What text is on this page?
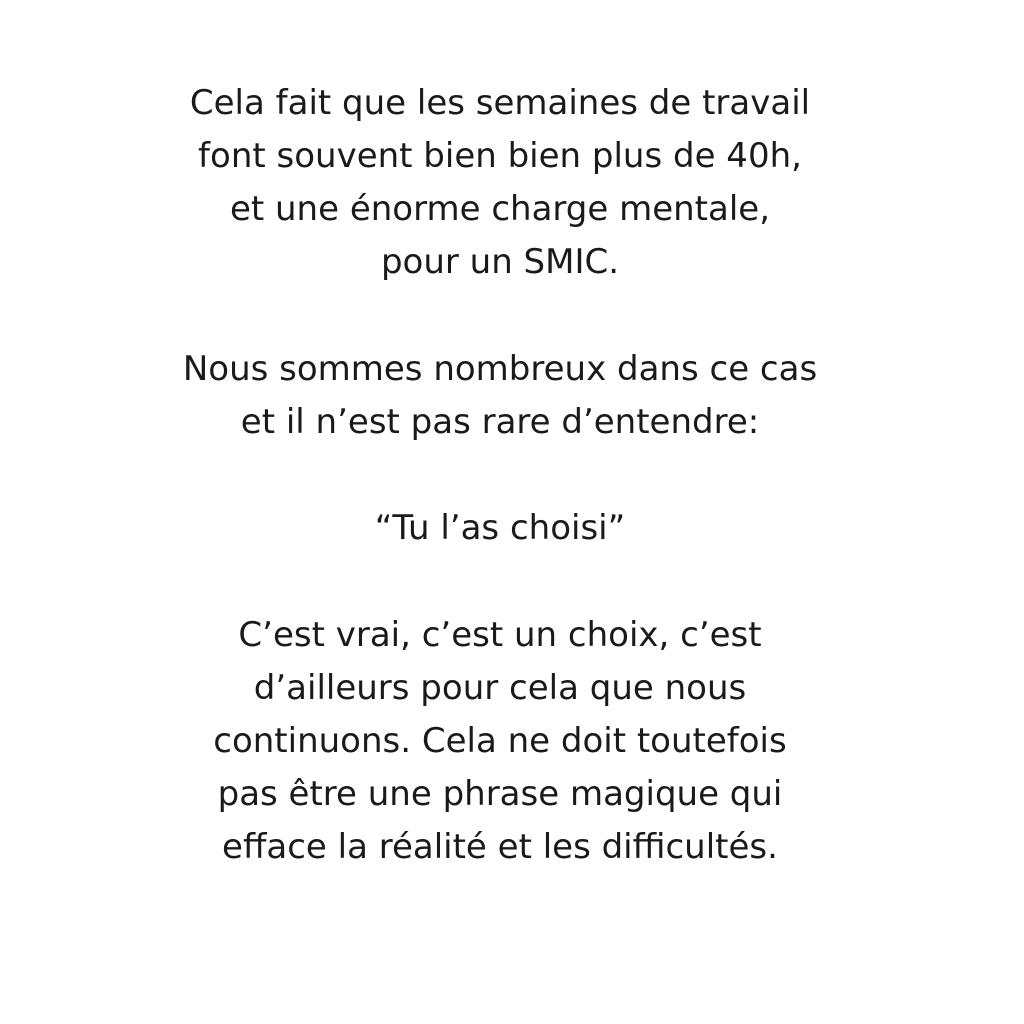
Cela fait que les semaines de travail
font souvent bien bien plus de 40h,
et une énorme charge mentale,
pour un SMIC.
Nous sommes nombreux dans ce cas
et il n’est pas rare d’entendre:
“Tu l’as choisi”
C’est vrai, c’est un choix, c’est
d’ailleurs pour cela que nous
continuons. Cela ne doit toutefois
pas être une phrase magique qui
efface la réalité et les difficultés.
